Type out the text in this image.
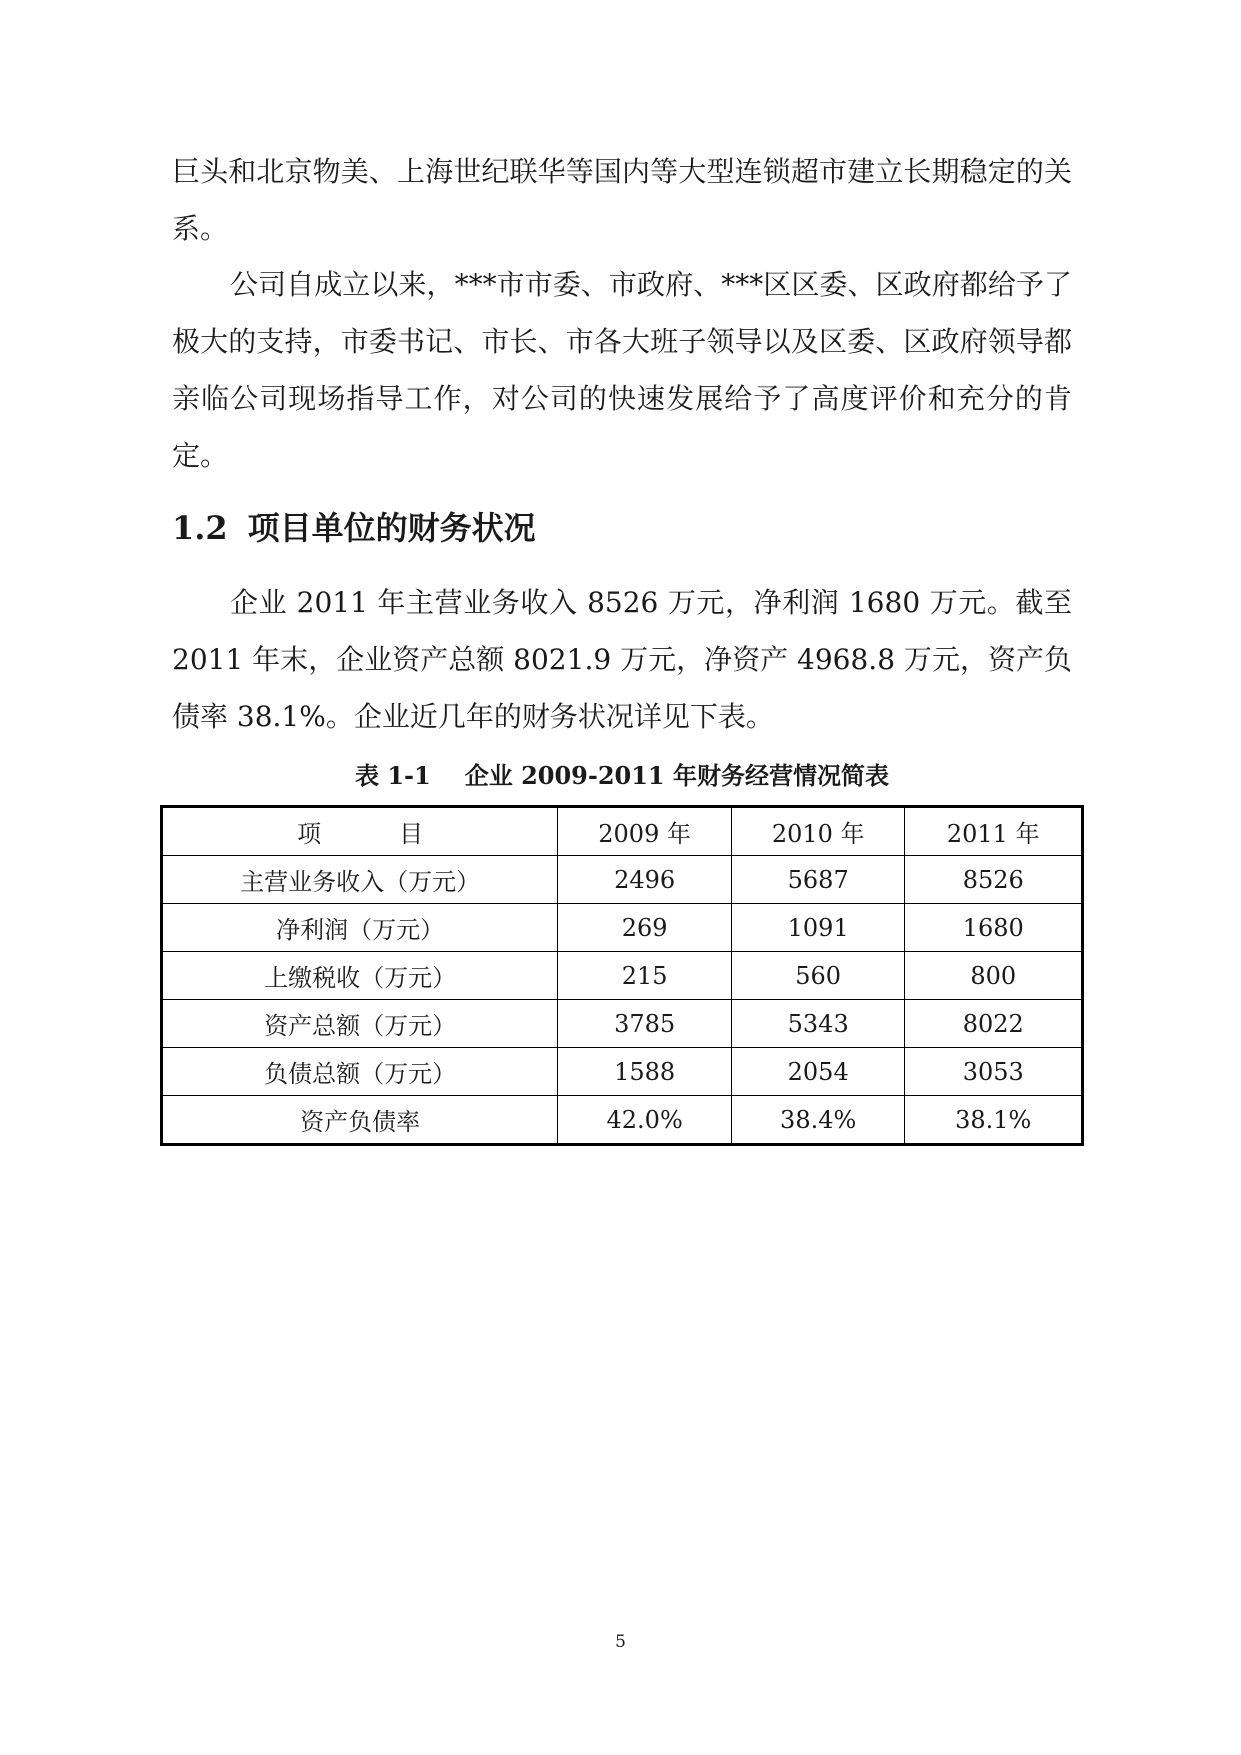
巨头和北京物美、上海世纪联华等国内等大型连锁超市建立长期稳定的关系。

公司自成立以来，***市市委、市政府、***区区委、区政府都给予了极大的支持，市委书记、市长、市各大班子领导以及区委、区政府领导都亲临公司现场指导工作，对公司的快速发展给予了高度评价和充分的肯定。

1.2 项目单位的财务状况

企业 2011 年主营业务收入 8526 万元，净利润 1680 万元。截至 2011 年末，企业资产总额 8021.9 万元，净资产 4968.8 万元，资产负债率 38.1%。企业近几年的财务状况详见下表。

表 1-1 企业 2009-2011 年财务经营情况简表

项目	2009 年	2010 年	2011 年
主营业务收入（万元）	2496	5687	8526
净利润（万元）	269	1091	1680
上缴税收（万元）	215	560	800
资产总额（万元）	3785	5343	8022
负债总额（万元）	1588	2054	3053
资产负债率	42.0%	38.4%	38.1%

5
